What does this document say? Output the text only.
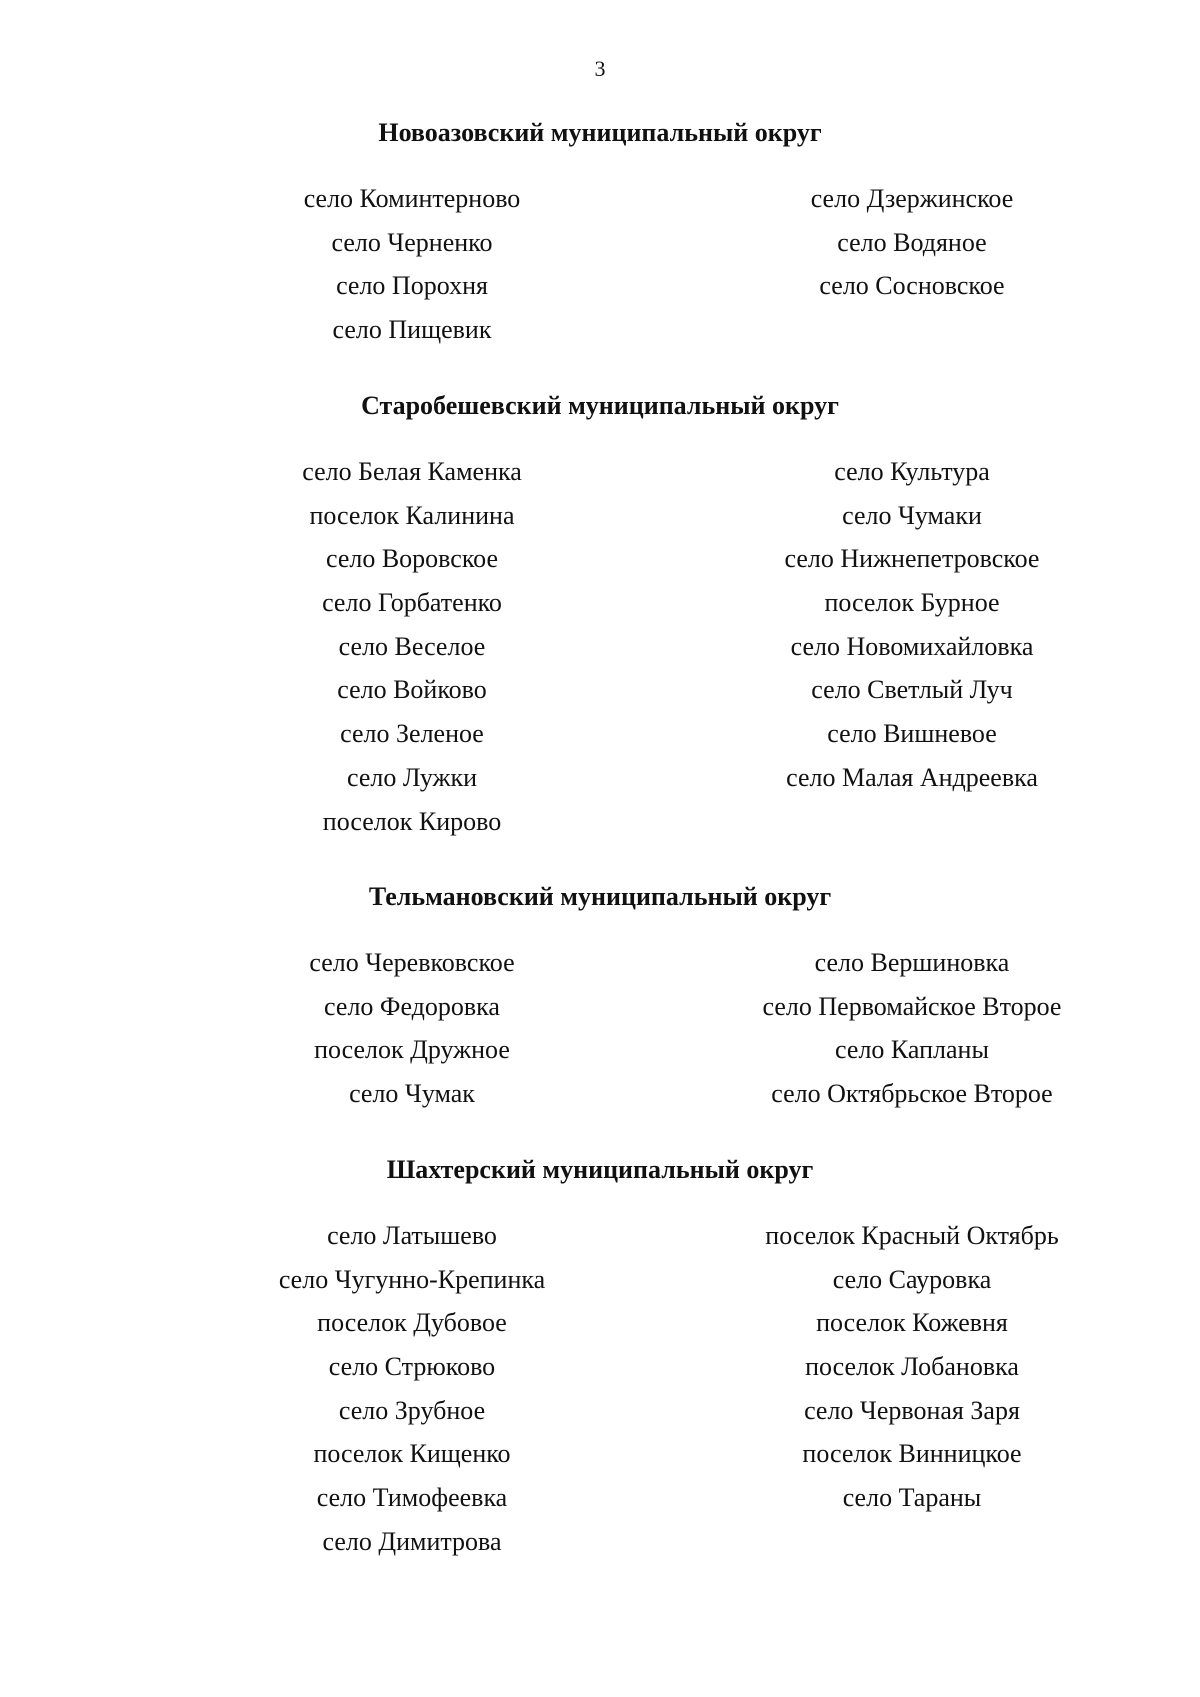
3
Новоазовский муниципальный округ
село Коминтерново
село Черненко
село Порохня
село Пищевик
село Дзержинское
село Водяное
село Сосновское
Старобешевский муниципальный округ
село Белая Каменка
поселок Калинина
село Воровское
село Горбатенко
село Веселое
село Войково
село Зеленое
село Лужки
поселок Кирово
село Культура
село Чумаки
село Нижнепетровское
поселок Бурное
село Новомихайловка
село Светлый Луч
село Вишневое
село Малая Андреевка
Тельмановский муниципальный округ
село Черевковское
село Федоровка
поселок Дружное
село Чумак
село Вершиновка
село Первомайское Второе
село Капланы
село Октябрьское Второе
Шахтерский муниципальный округ
село Латышево
село Чугунно-Крепинка
поселок Дубовое
село Стрюково
село Зрубное
поселок Кищенко
село Тимофеевка
село Димитрова
поселок Красный Октябрь
село Сауровка
поселок Кожевня
поселок Лобановка
село Червоная Заря
поселок Винницкое
село Тараны
